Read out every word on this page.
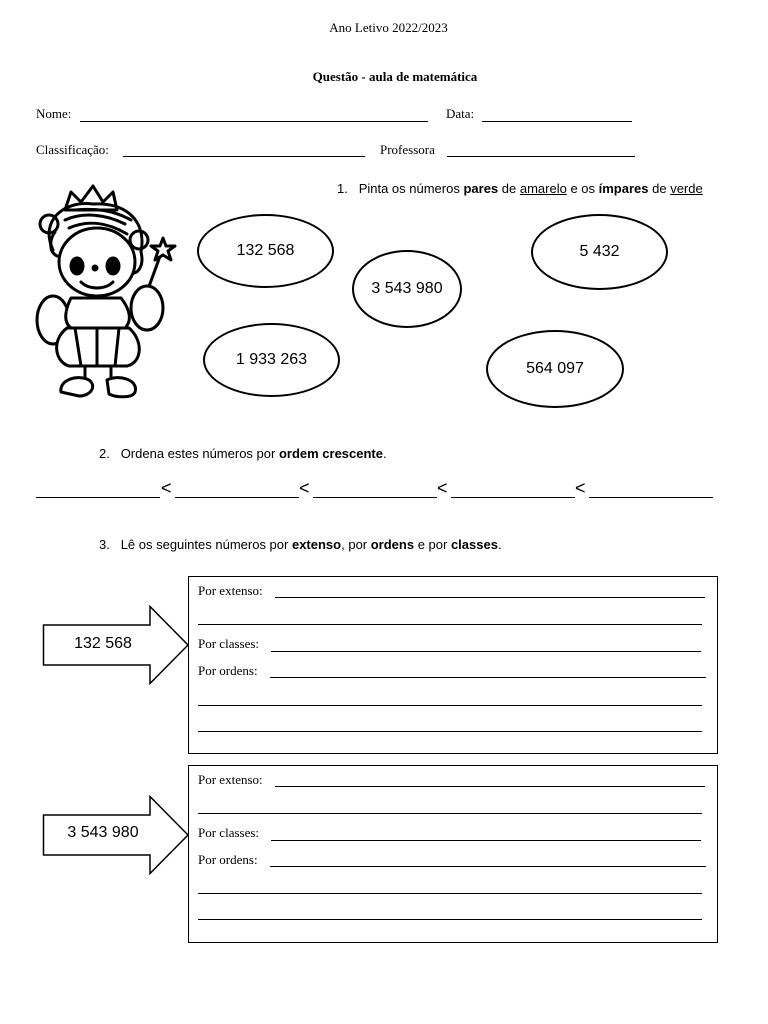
Ano Letivo 2022/2023
Questão - aula de matemática
Nome:	Data:
Classificação:	Professora
1. Pinta os números pares de amarelo e os ímpares de verde
132 568	5 432
3 543 980
1 933 263
564 097
2. Ordena estes números por ordem crescente.
<	<	<	<
3. Lê os seguintes números por extenso, por ordens e por classes.
132 568
Por extenso:
Por classes:
Por ordens:
3 543 980
Por extenso:
Por classes:
Por ordens:
